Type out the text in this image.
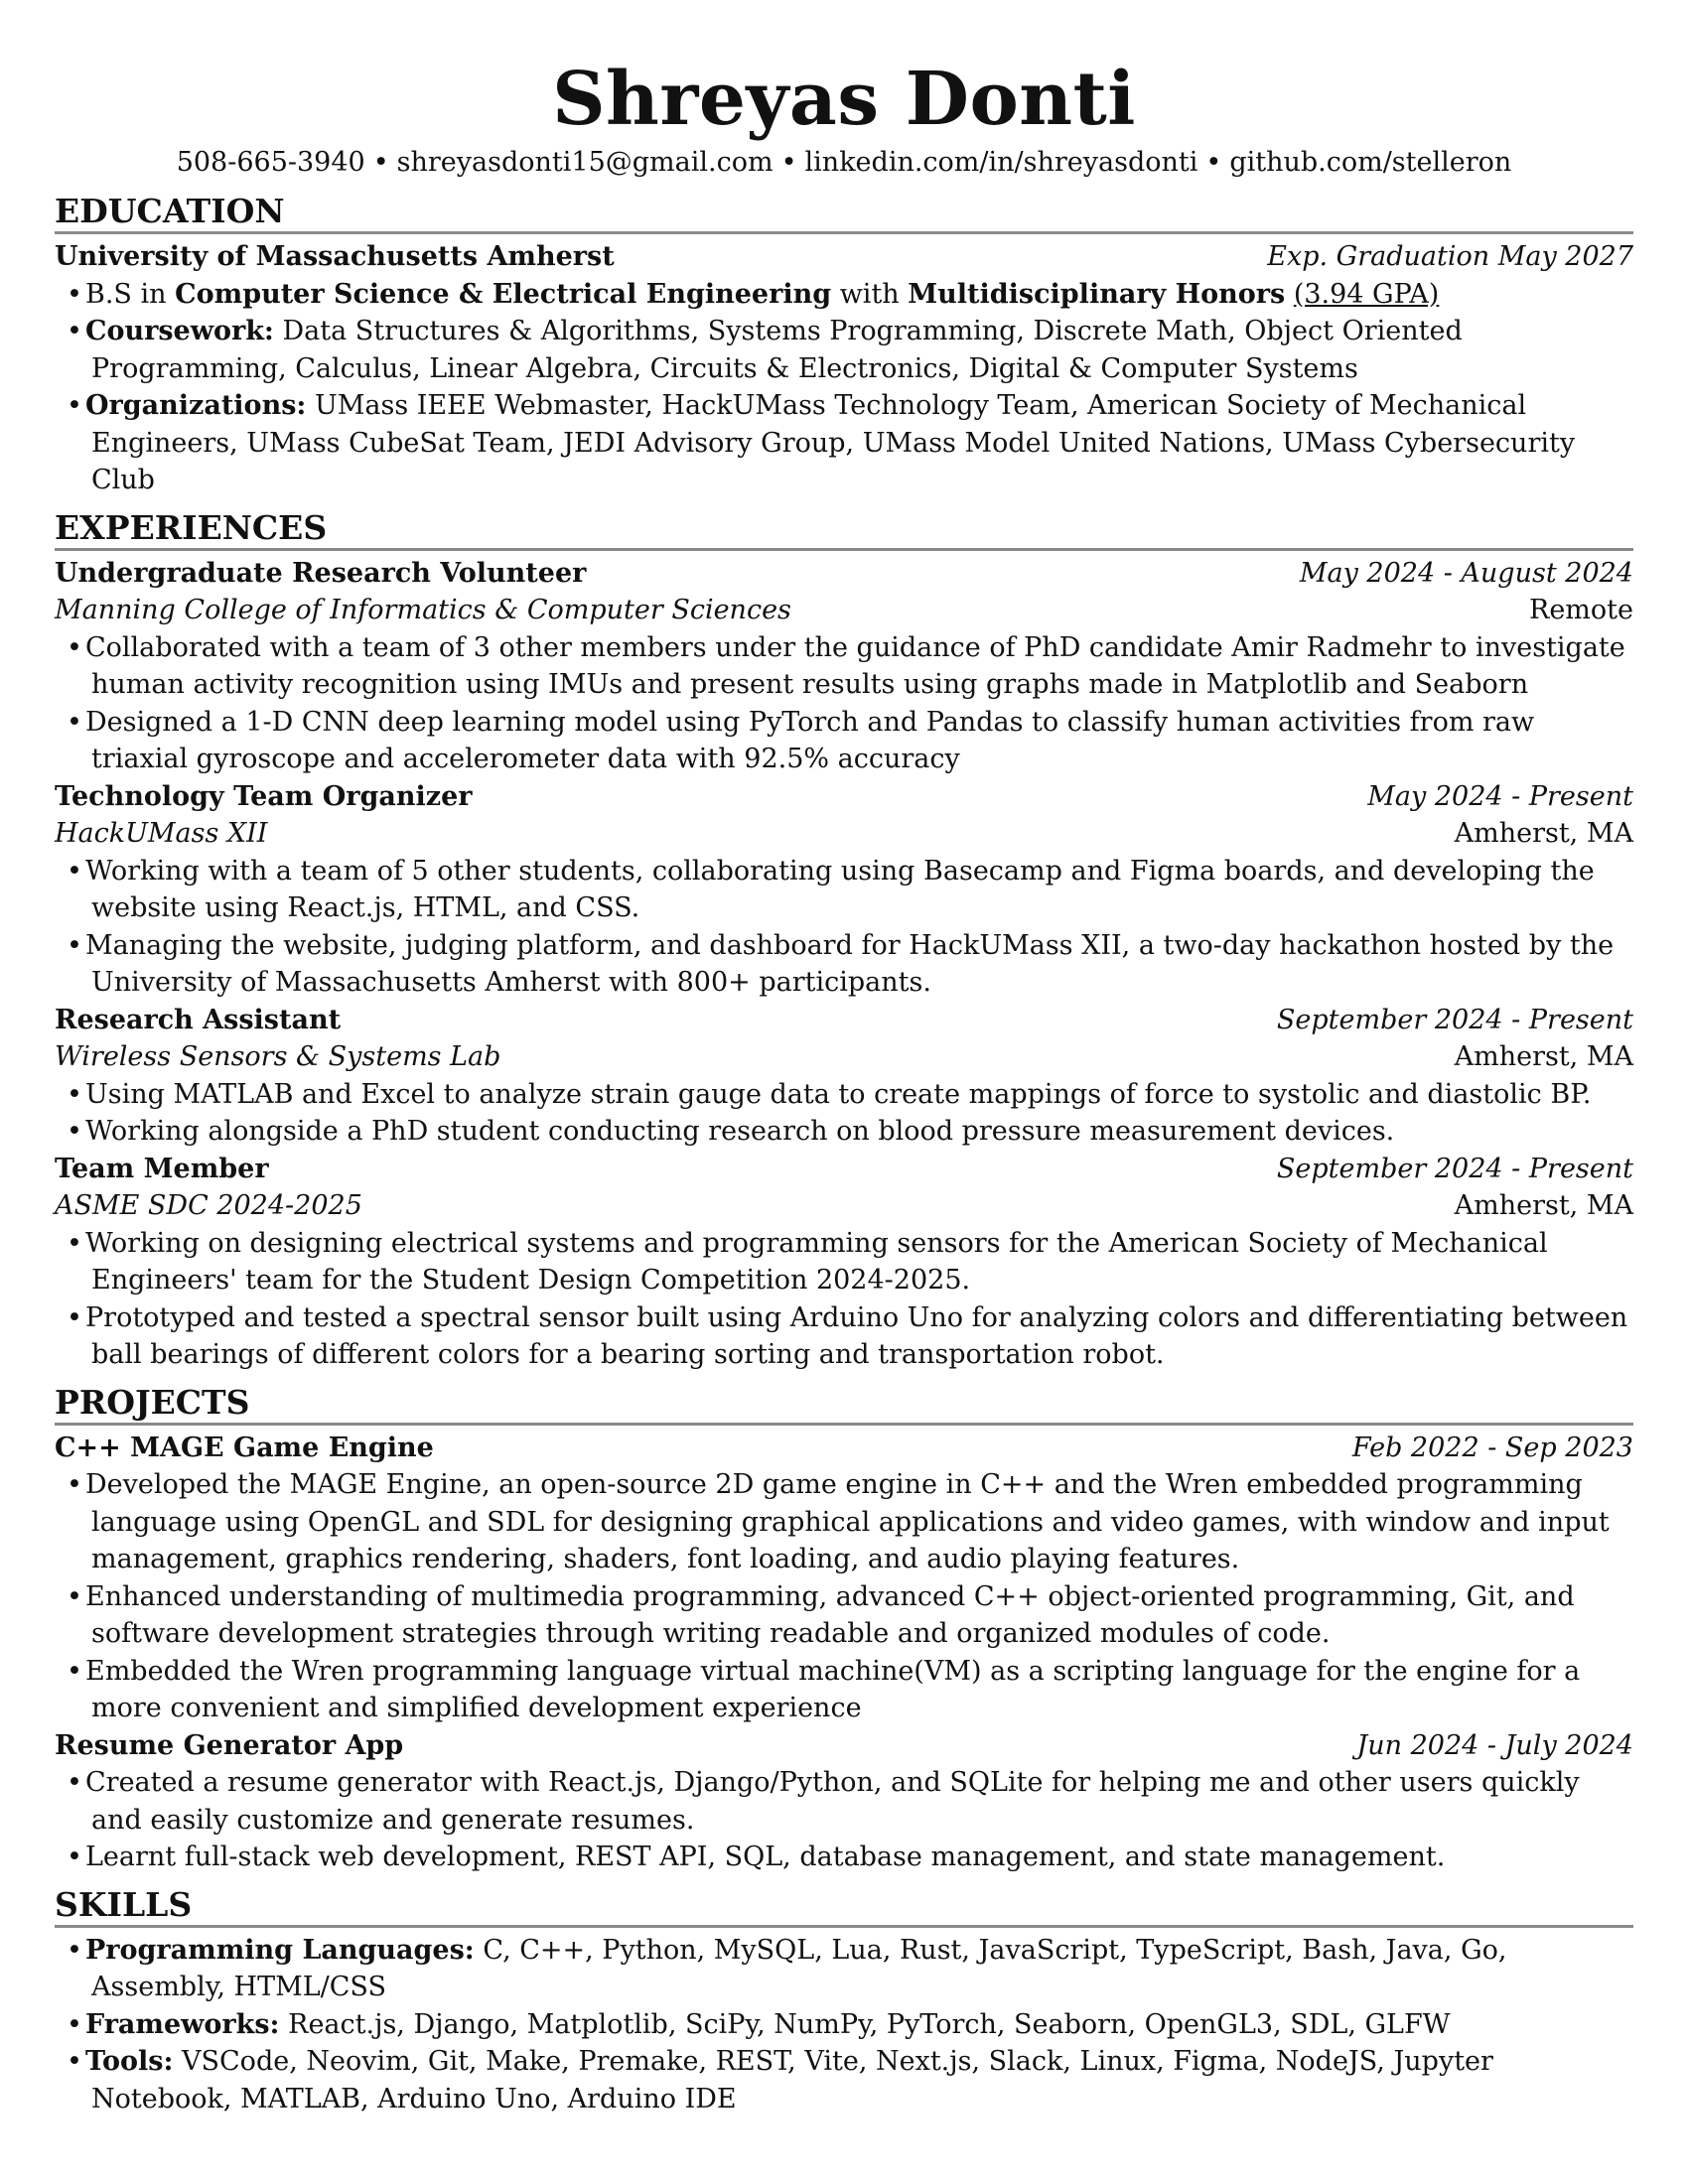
Shreyas Donti
508-665-3940 • shreyasdonti15@gmail.com • linkedin.com/in/shreyasdonti • github.com/stelleron
EDUCATION
University of Massachusetts Amherst	Exp. Graduation May 2027
• B.S in Computer Science & Electrical Engineering with Multidisciplinary Honors (3.94 GPA)
• Coursework: Data Structures & Algorithms, Systems Programming, Discrete Math, Object Oriented Programming, Calculus, Linear Algebra, Circuits & Electronics, Digital & Computer Systems
• Organizations: UMass IEEE Webmaster, HackUMass Technology Team, American Society of Mechanical Engineers, UMass CubeSat Team, JEDI Advisory Group, UMass Model United Nations, UMass Cybersecurity Club
EXPERIENCES
Undergraduate Research Volunteer	May 2024 - August 2024
Manning College of Informatics & Computer Sciences	Remote
• Collaborated with a team of 3 other members under the guidance of PhD candidate Amir Radmehr to investigate human activity recognition using IMUs and present results using graphs made in Matplotlib and Seaborn
• Designed a 1-D CNN deep learning model using PyTorch and Pandas to classify human activities from raw triaxial gyroscope and accelerometer data with 92.5% accuracy
Technology Team Organizer	May 2024 - Present
HackUMass XII	Amherst, MA
• Working with a team of 5 other students, collaborating using Basecamp and Figma boards, and developing the website using React.js, HTML, and CSS.
• Managing the website, judging platform, and dashboard for HackUMass XII, a two-day hackathon hosted by the University of Massachusetts Amherst with 800+ participants.
Research Assistant	September 2024 - Present
Wireless Sensors & Systems Lab	Amherst, MA
• Using MATLAB and Excel to analyze strain gauge data to create mappings of force to systolic and diastolic BP.
• Working alongside a PhD student conducting research on blood pressure measurement devices.
Team Member	September 2024 - Present
ASME SDC 2024-2025	Amherst, MA
• Working on designing electrical systems and programming sensors for the American Society of Mechanical Engineers' team for the Student Design Competition 2024-2025.
• Prototyped and tested a spectral sensor built using Arduino Uno for analyzing colors and differentiating between ball bearings of different colors for a bearing sorting and transportation robot.
PROJECTS
C++ MAGE Game Engine	Feb 2022 - Sep 2023
• Developed the MAGE Engine, an open-source 2D game engine in C++ and the Wren embedded programming language using OpenGL and SDL for designing graphical applications and video games, with window and input management, graphics rendering, shaders, font loading, and audio playing features.
• Enhanced understanding of multimedia programming, advanced C++ object-oriented programming, Git, and software development strategies through writing readable and organized modules of code.
• Embedded the Wren programming language virtual machine(VM) as a scripting language for the engine for a more convenient and simplified development experience
Resume Generator App	Jun 2024 - July 2024
• Created a resume generator with React.js, Django/Python, and SQLite for helping me and other users quickly and easily customize and generate resumes.
• Learnt full-stack web development, REST API, SQL, database management, and state management.
SKILLS
• Programming Languages: C, C++, Python, MySQL, Lua, Rust, JavaScript, TypeScript, Bash, Java, Go, Assembly, HTML/CSS
• Frameworks: React.js, Django, Matplotlib, SciPy, NumPy, PyTorch, Seaborn, OpenGL3, SDL, GLFW
• Tools: VSCode, Neovim, Git, Make, Premake, REST, Vite, Next.js, Slack, Linux, Figma, NodeJS, Jupyter Notebook, MATLAB, Arduino Uno, Arduino IDE
